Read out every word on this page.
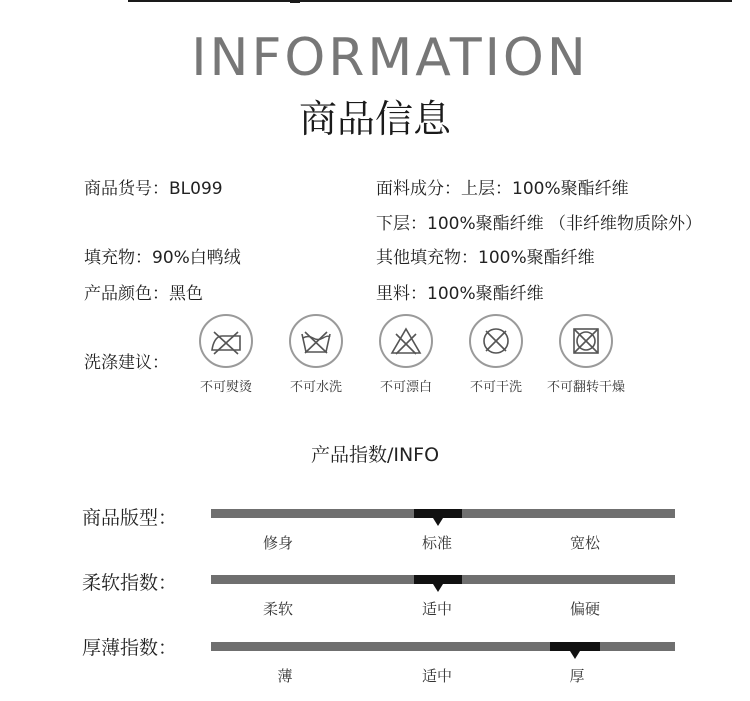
INFORMATION
商品信息
商品货号：BL099	面料成分：上层：100%聚酯纤维
下层：100%聚酯纤维 （非纤维物质除外）
填充物：90%白鸭绒	其他填充物：100%聚酯纤维
产品颜色：黑色	里料：100%聚酯纤维
洗涤建议：
不可熨烫	不可水洗	不可漂白	不可干洗	不可翻转干燥
产品指数/INFO
商品版型：
修身	标准	宽松
柔软指数：
柔软	适中	偏硬
厚薄指数：
薄	适中	厚
